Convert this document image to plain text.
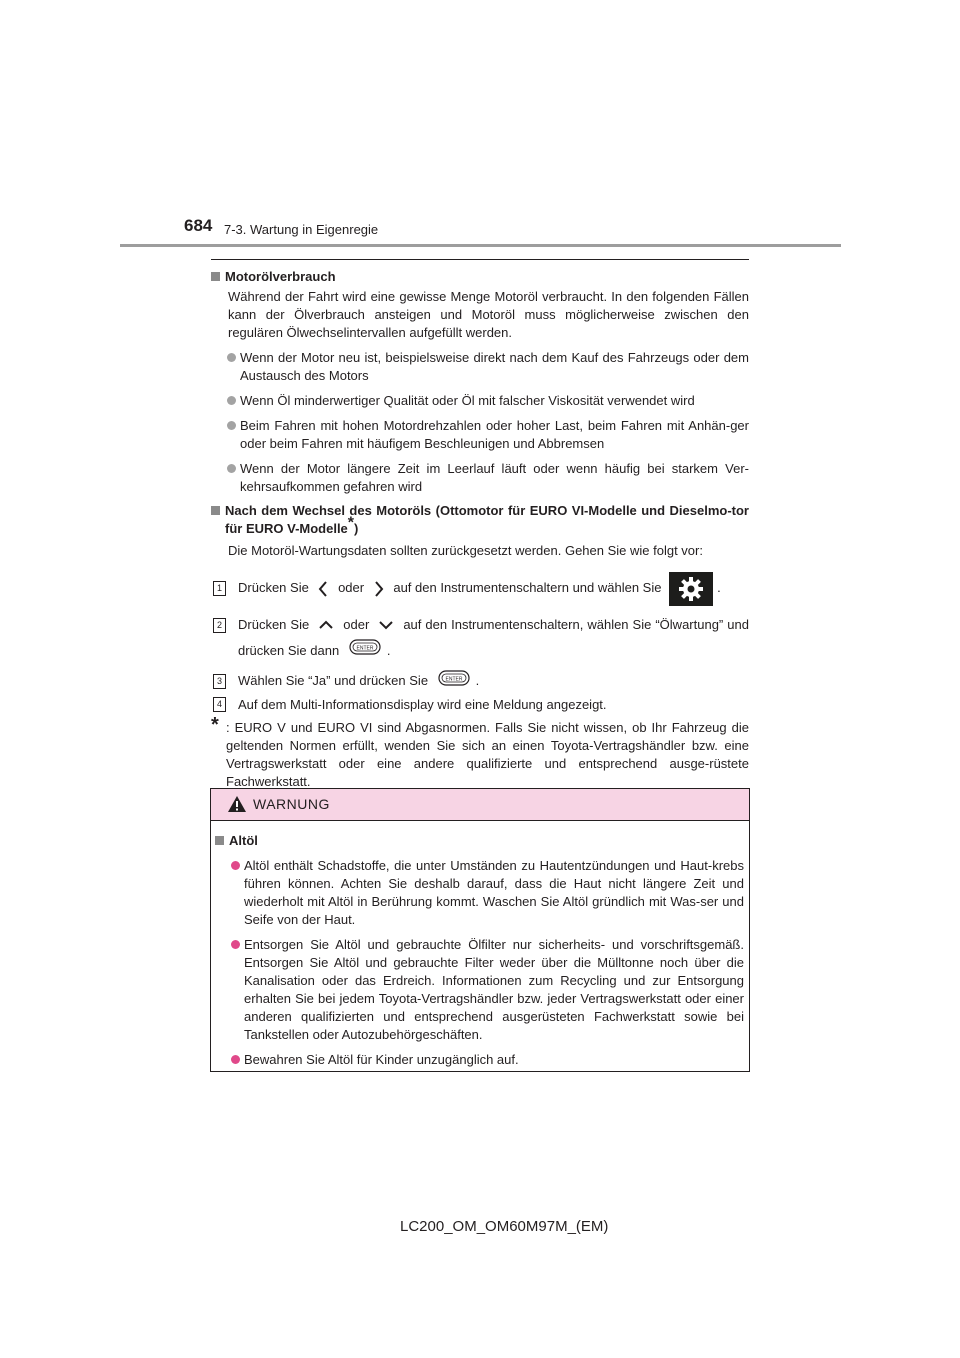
684 7-3. Wartung in Eigenregie

Motorölverbrauch

Während der Fahrt wird eine gewisse Menge Motoröl verbraucht. In den folgenden Fällen kann der Ölverbrauch ansteigen und Motoröl muss möglicherweise zwischen den regulären Ölwechselintervallen aufgefüllt werden.

Wenn der Motor neu ist, beispielsweise direkt nach dem Kauf des Fahrzeugs oder dem Austausch des Motors
Wenn Öl minderwertiger Qualität oder Öl mit falscher Viskosität verwendet wird
Beim Fahren mit hohen Motordrehzahlen oder hoher Last, beim Fahren mit Anhän-ger oder beim Fahren mit häufigem Beschleunigen und Abbremsen
Wenn der Motor längere Zeit im Leerlauf läuft oder wenn häufig bei starkem Ver-kehrsaufkommen gefahren wird

Nach dem Wechsel des Motoröls (Ottomotor für EURO VI-Modelle und Dieselmo-tor für EURO V-Modelle*)

Die Motoröl-Wartungsdaten sollten zurückgesetzt werden. Gehen Sie wie folgt vor:

1	Drücken Sie oder auf den Instrumentenschaltern und wählen Sie	.
2	Drücken Sie	oder	auf den Instrumentenschaltern, wählen Sie “Ölwartung” und drücken Sie dann	ENTER .
3	Wählen Sie “Ja” und drücken Sie	ENTER .
4	Auf dem Multi-Informationsdisplay wird eine Meldung angezeigt.

* : EURO V und EURO VI sind Abgasnormen. Falls Sie nicht wissen, ob Ihr Fahrzeug die geltenden Normen erfüllt, wenden Sie sich an einen Toyota-Vertragshändler bzw. eine Vertragswerkstatt oder eine andere qualifizierte und entsprechend ausge-rüstete Fachwerkstatt.

WARNUNG

Altöl

Altöl enthält Schadstoffe, die unter Umständen zu Hautentzündungen und Haut-krebs führen können. Achten Sie deshalb darauf, dass die Haut nicht längere Zeit und wiederholt mit Altöl in Berührung kommt. Waschen Sie Altöl gründlich mit Was-ser und Seife von der Haut.
Entsorgen Sie Altöl und gebrauchte Ölfilter nur sicherheits- und vorschriftsgemäß. Entsorgen Sie Altöl und gebrauchte Filter weder über die Mülltonne noch über die Kanalisation oder das Erdreich. Informationen zum Recycling und zur Entsorgung erhalten Sie bei jedem Toyota-Vertragshändler bzw. jeder Vertragswerkstatt oder einer anderen qualifizierten und entsprechend ausgerüsteten Fachwerkstatt sowie bei Tankstellen oder Autozubehörgeschäften.
Bewahren Sie Altöl für Kinder unzugänglich auf.
LC200_OM_OM60M97M_(EM)
